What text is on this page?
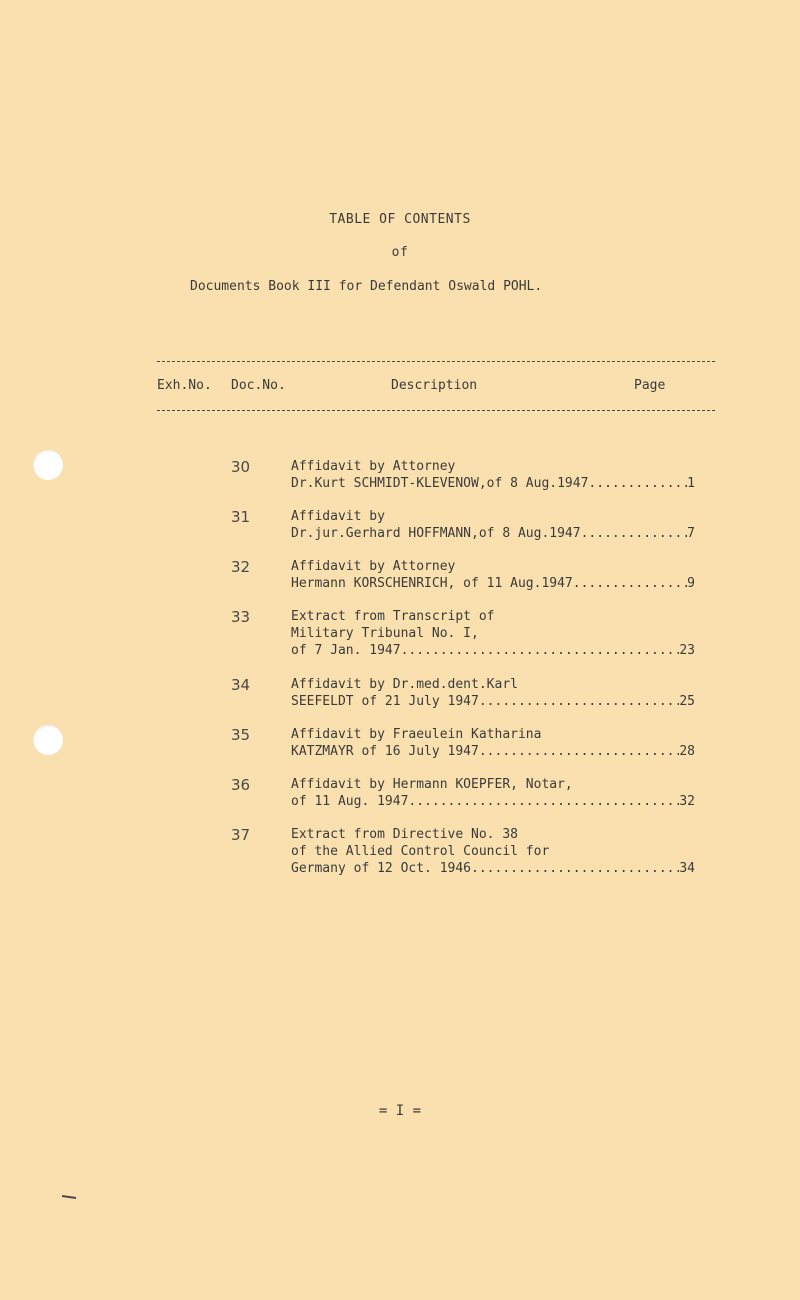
TABLE OF CONTENTS
of
Documents Book III for Defendant Oswald POHL.
Exh.No. Doc.No.	Description	Page
30	Affidavit by Attorney
Dr.Kurt SCHMIDT-KLEVENOW,of 8 Aug.1947 .....	1
31	Affidavit by
Dr.jur.Gerhard HOFFMANN,of 8 Aug.1947 .....	7
32	Affidavit by Attorney
Hermann KORSCHENRICH, of 11 Aug.1947 .....	9
33	Extract from Transcript of
Military Tribunal No. I,
of 7 Jan. 1947 .....	23
34	Affidavit by Dr.med.dent.Karl
SEEFELDT of 21 July 1947 .....	25
35	Affidavit by Fraeulein Katharina
KATZMAYR of 16 July 1947 .....	28
36	Affidavit by Hermann KOEPFER, Notar,
of 11 Aug. 1947 .....	32
37	Extract from Directive No. 38
of the Allied Control Council for
Germany of 12 Oct. 1946 .....	34
= I =
